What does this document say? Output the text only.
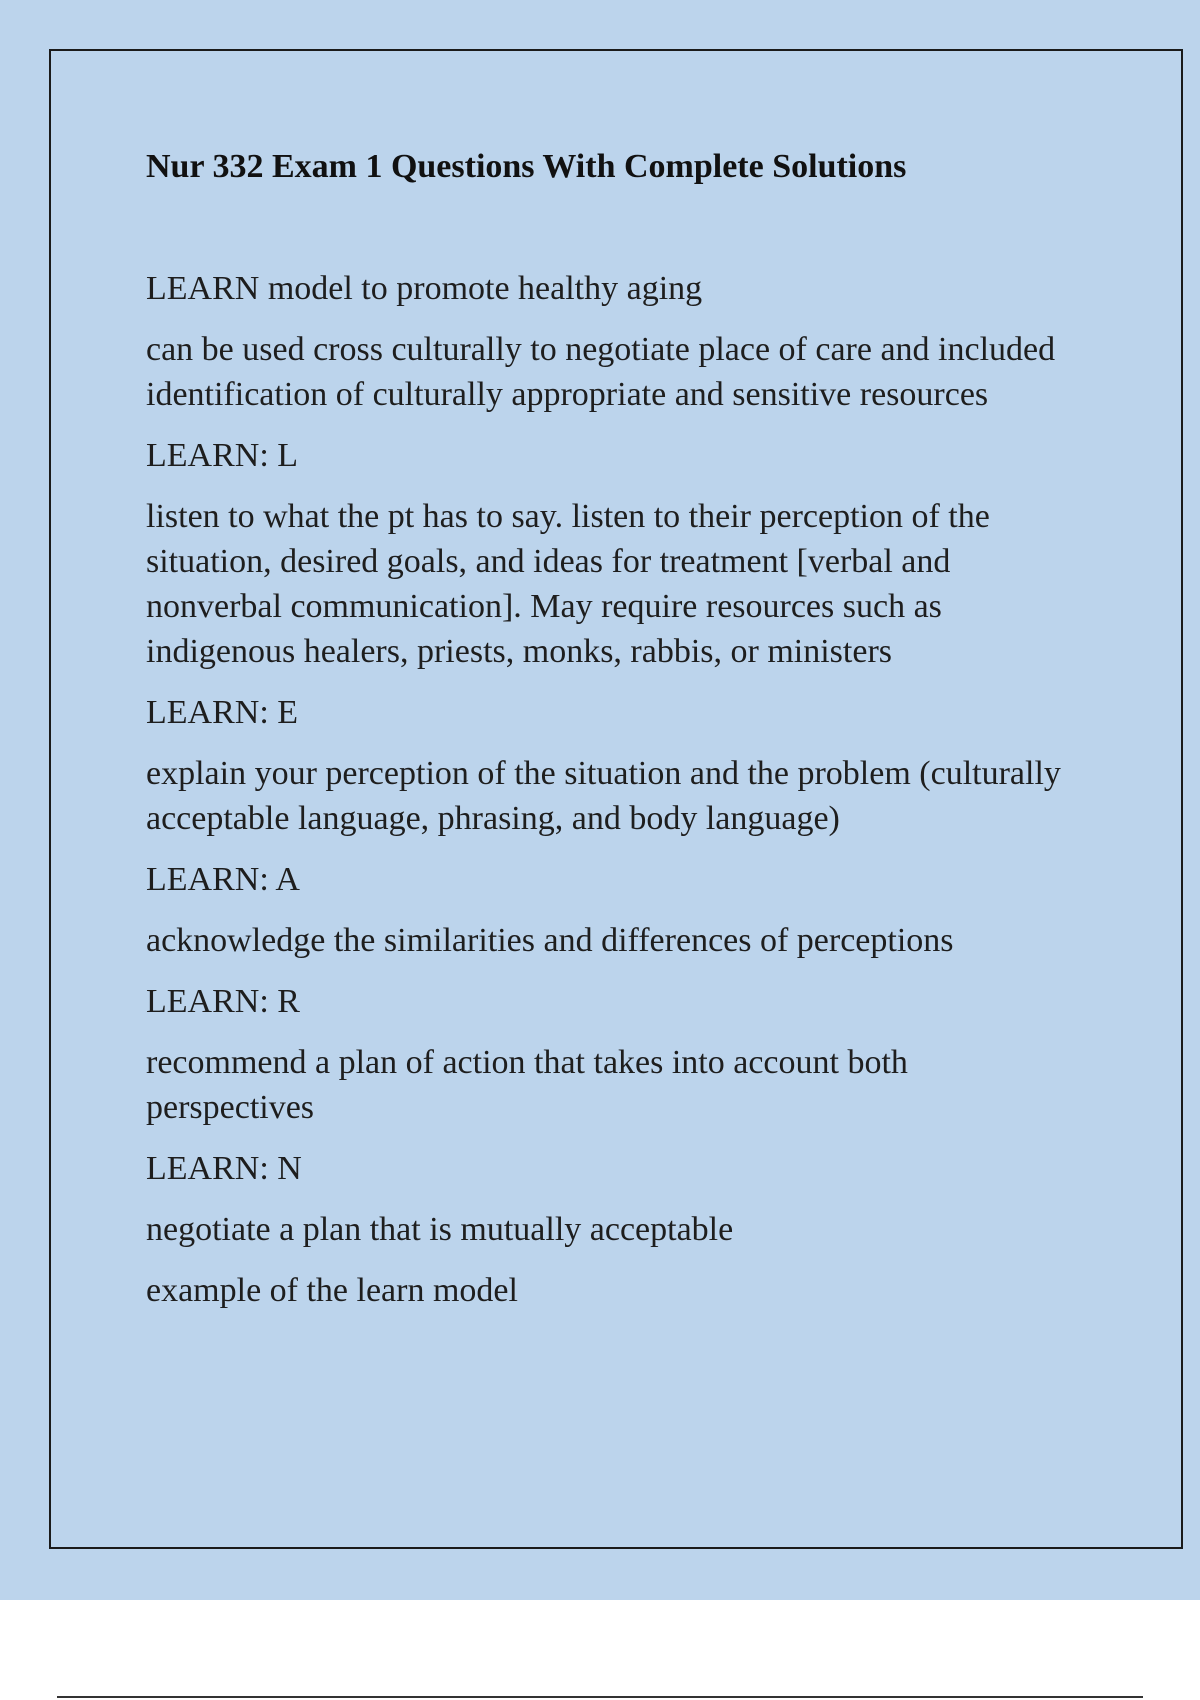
Nur 332 Exam 1 Questions With Complete Solutions

LEARN model to promote healthy aging

can be used cross culturally to negotiate place of care and included identification of culturally appropriate and sensitive resources

LEARN: L

listen to what the pt has to say. listen to their perception of the situation, desired goals, and ideas for treatment [verbal and nonverbal communication]. May require resources such as indigenous healers, priests, monks, rabbis, or ministers

LEARN: E

explain your perception of the situation and the problem (culturally acceptable language, phrasing, and body language)

LEARN: A

acknowledge the similarities and differences of perceptions

LEARN: R

recommend a plan of action that takes into account both perspectives

LEARN: N

negotiate a plan that is mutually acceptable

example of the learn model
